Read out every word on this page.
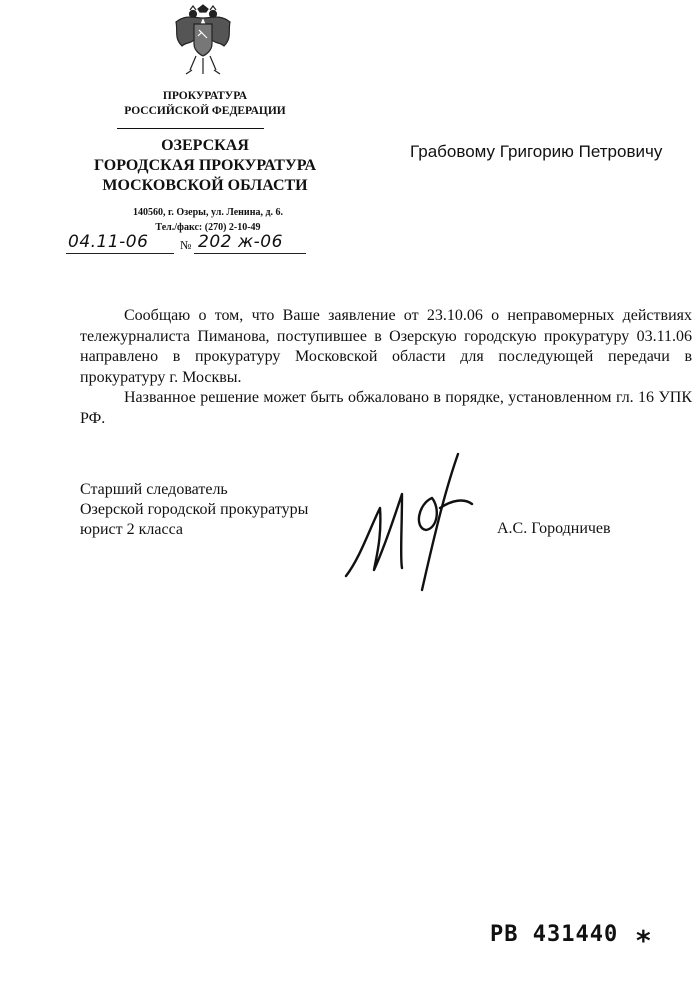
ПРОКУРАТУРА
РОССИЙСКОЙ ФЕДЕРАЦИИ
ОЗЕРСКАЯ
ГОРОДСКАЯ ПРОКУРАТУРА
МОСКОВСКОЙ ОБЛАСТИ
140560, г. Озеры, ул. Ленина, д. 6.
Тел./факс: (270) 2-10-49
04.11-06	№ 202 ж-06
Грабовому Григорию Петровичу

Сообщаю о том, что Ваше заявление от 23.10.06 о неправомерных действиях тележурналиста Пиманова, поступившее в Озерскую городскую прокуратуру 03.11.06 направлено в прокуратуру Московской области для последующей передачи в прокуратуру г. Москвы.

Названное решение может быть обжаловано в порядке, установленном гл. 16 УПК РФ.

Старший следователь
Озерской городской прокуратуры
юрист 2 класса	А.С. Городничев
РВ 431440 *
